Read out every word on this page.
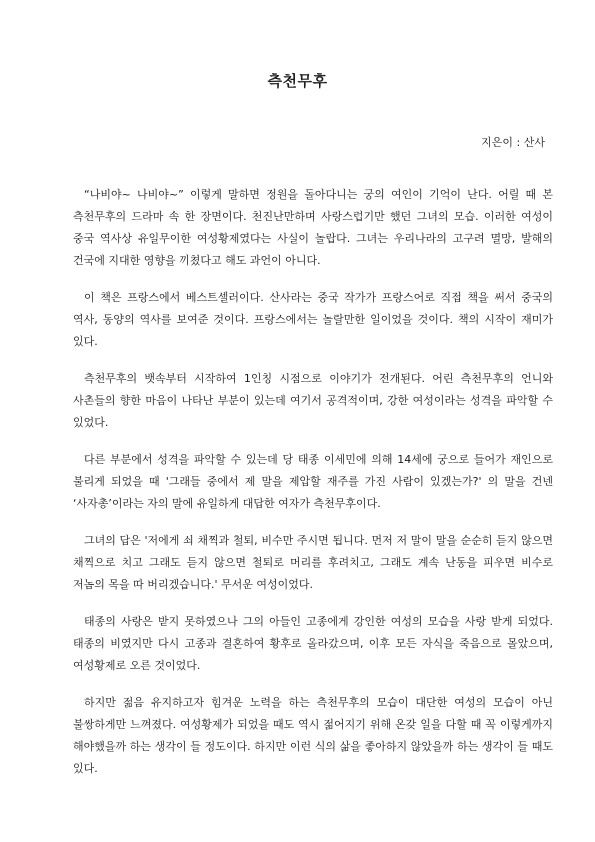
측천무후
지은이 : 산사

“나비야~ 나비야~” 이렇게 말하면 정원을 돌아다니는 궁의 여인이 기억이 난다. 어릴 때 본 측천무후의 드라마 속 한 장면이다. 천진난만하며 사랑스럽기만 했던 그녀의 모습. 이러한 여성이 중국 역사상 유일무이한 여성황제였다는 사실이 놀랍다. 그녀는 우리나라의 고구려 멸망, 발해의 건국에 지대한 영향을 끼쳤다고 해도 과언이 아니다.

이 책은 프랑스에서 베스트셀러이다. 산사라는 중국 작가가 프랑스어로 직접 책을 써서 중국의 역사, 동양의 역사를 보여준 것이다. 프랑스에서는 놀랄만한 일이었을 것이다. 책의 시작이 재미가 있다.

측천무후의 뱃속부터 시작하여 1인칭 시점으로 이야기가 전개된다. 어린 측천무후의 언니와 사촌들의 향한 마음이 나타난 부분이 있는데 여기서 공격적이며, 강한 여성이라는 성격을 파악할 수 있었다.

다른 부분에서 성격을 파악할 수 있는데 당 태종 이세민에 의해 14세에 궁으로 들어가 재인으로 불리게 되었을 때 '그래들 중에서 제 말을 제압할 재주를 가진 사람이 있겠는가?' 의 말을 건넨 ‘사자총’이라는 자의 말에 유일하게 대답한 여자가 측천무후이다.

그녀의 답은 '저에게 쇠 채찍과 철퇴, 비수만 주시면 됩니다. 먼저 저 말이 말을 순순히 듣지 않으면 채찍으로 치고 그래도 듣지 않으면 철퇴로 머리를 후려치고, 그래도 계속 난동을 피우면 비수로 저놈의 목을 따 버리겠습니다.' 무서운 여성이었다.

태종의 사랑은 받지 못하였으나 그의 아들인 고종에게 강인한 여성의 모습을 사랑 받게 되었다. 태종의 비였지만 다시 고종과 결혼하여 황후로 올라갔으며, 이후 모든 자식을 죽음으로 몰았으며, 여성황제로 오른 것이었다.

하지만 젊음 유지하고자 힘겨운 노력을 하는 측천무후의 모습이 대단한 여성의 모습이 아닌 불쌍하게만 느껴졌다. 여성황제가 되었을 때도 역시 젊어지기 위해 온갖 일을 다할 때 꼭 이렇게까지 해야했을까 하는 생각이 들 정도이다. 하지만 이런 식의 삶을 좋아하지 않았을까 하는 생각이 들 때도 있다.
